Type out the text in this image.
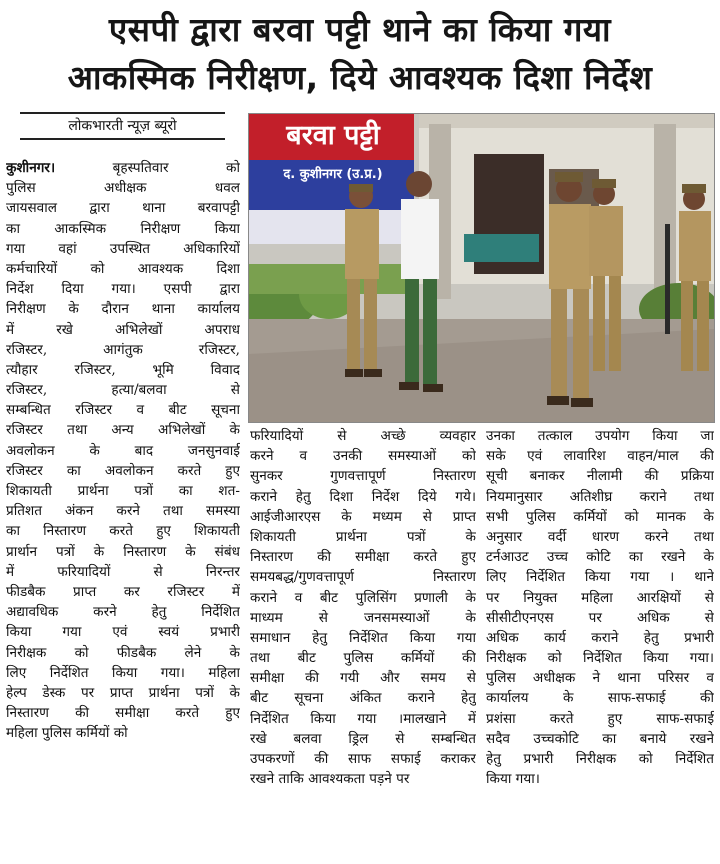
एसपी द्वारा बरवा पट्टी थाने का किया गया
आकस्मिक निरीक्षण, दिये आवश्यक दिशा निर्देश
लोकभारती न्यूज़ ब्यूरो	बरवा पट्टी
द. कुशीनगर (उ.प्र.)
कुशीनगर। बृहस्पतिवार को
पुलिस अधीक्षक धवल
जायसवाल द्वारा थाना बरवापट्टी
का आकस्मिक निरीक्षण किया
गया वहां उपस्थित अधिकारियों
कर्मचारियों को आवश्यक दिशा
निर्देश दिया गया। एसपी द्वारा
निरीक्षण के दौरान थाना कार्यालय
में रखे अभिलेखों अपराध
रजिस्टर, आगंतुक रजिस्टर,
त्यौहार रजिस्टर, भूमि विवाद
रजिस्टर, हत्या/बलवा से
सम्बन्धित रजिस्टर व बीट सूचना
रजिस्टर तथा अन्य अभिलेखों के
अवलोकन के बाद जनसुनवाई
रजिस्टर का अवलोकन करते हुए
शिकायती प्रार्थना पत्रों का शत-
प्रतिशत अंकन करने तथा समस्या
का निस्तारण करते हुए शिकायती
प्रार्थान पत्रों के निस्तारण के संबंध
में फरियादियों से निरन्तर
फीडबैक प्राप्त कर रजिस्टर में
अद्यावधिक करने हेतु निर्देशित
किया गया एवं स्वयं प्रभारी
निरीक्षक को फीडबैक लेने के
लिए निर्देशित किया गया। महिला
हेल्प डेस्क पर प्राप्त प्रार्थना पत्रों के
निस्तारण की समीक्षा करते हुए
महिला पुलिस कर्मियों को
फरियादियों से अच्छे व्यवहार
करने व उनकी समस्याओं को
सुनकर गुणवत्तापूर्ण निस्तारण
कराने हेतु दिशा निर्देश दिये गये।
आईजीआरएस के मध्यम से प्राप्त
शिकायती प्रार्थना पत्रों के
निस्तारण की समीक्षा करते हुए
समयबद्ध/गुणवत्तापूर्ण निस्तारण
कराने व बीट पुलिसिंग प्रणाली के
माध्यम से जनसमस्याओं के
समाधान हेतु निर्देशित किया गया
तथा बीट पुलिस कर्मियों की
समीक्षा की गयी और समय से
बीट सूचना अंकित कराने हेतु
निर्देशित किया गया ।मालखाने में
रखे बलवा ड्रिल से सम्बन्धित
उपकरणों की साफ सफाई कराकर
रखने ताकि आवश्यकता पड़ने पर
उनका तत्काल उपयोग किया जा
सके एवं लावारिश वाहन/माल की
सूची बनाकर नीलामी की प्रक्रिया
नियमानुसार अतिशीघ्र कराने तथा
सभी पुलिस कर्मियों को मानक के
अनुसार वर्दी धारण करने तथा
टर्नआउट उच्च कोटि का रखने के
लिए निर्देशित किया गया । थाने
पर नियुक्त महिला आरक्षियों से
सीसीटीएनएस पर अधिक से
अधिक कार्य कराने हेतु प्रभारी
निरीक्षक को निर्देशित किया गया।
पुलिस अधीक्षक ने थाना परिसर व
कार्यालय के साफ-सफाई की
प्रशंसा करते हुए साफ-सफाई
सदैव उच्चकोटि का बनाये रखने
हेतु प्रभारी निरीक्षक को निर्देशित
किया गया।
